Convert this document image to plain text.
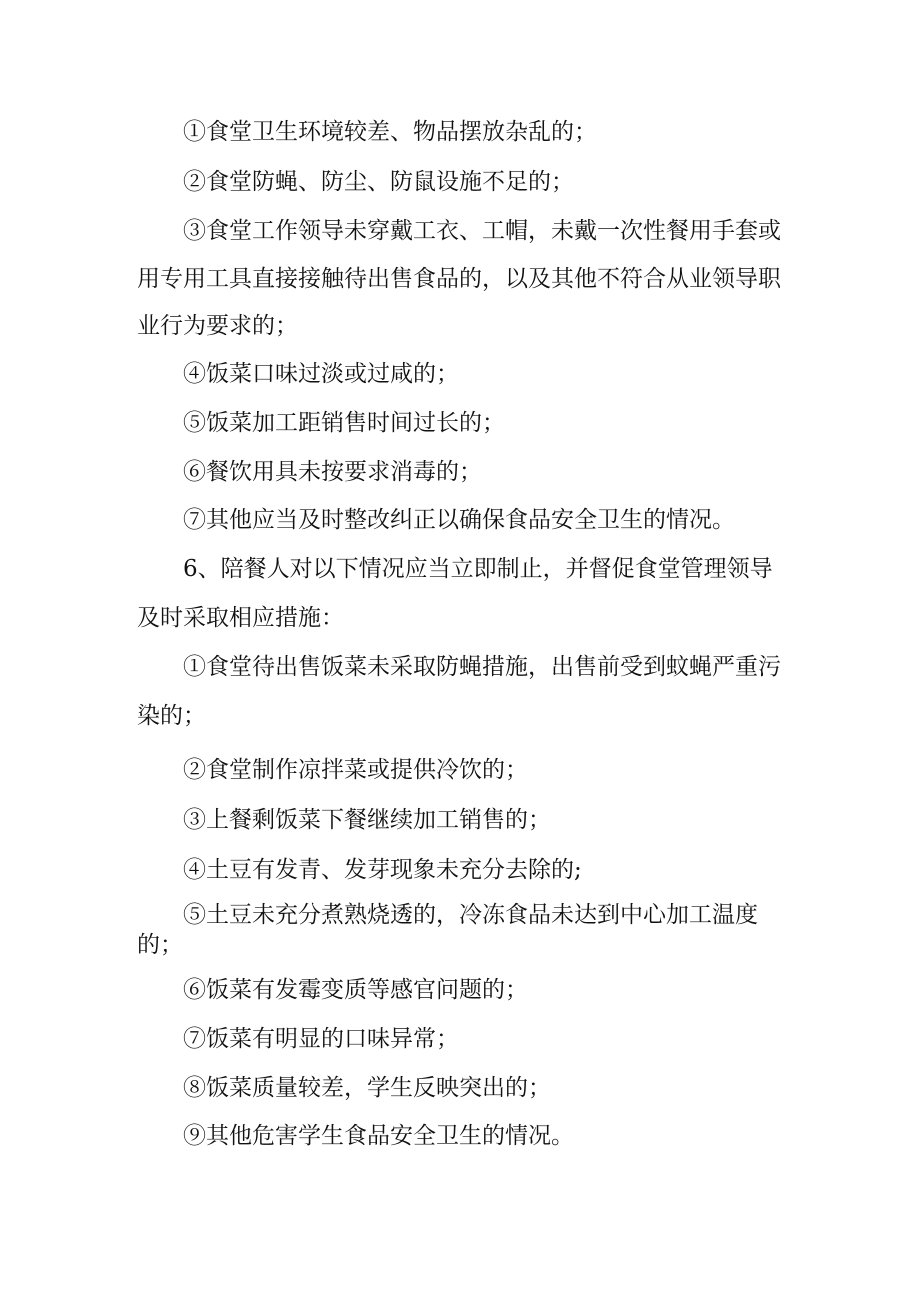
①食堂卫生环境较差、物品摆放杂乱的；

②食堂防蝇、防尘、防鼠设施不足的；

③食堂工作领导未穿戴工衣、工帽，未戴一次性餐用手套或

用专用工具直接接触待出售食品的，以及其他不符合从业领导职

业行为要求的；

④饭菜口味过淡或过咸的；

⑤饭菜加工距销售时间过长的；

⑥餐饮用具未按要求消毒的；

⑦其他应当及时整改纠正以确保食品安全卫生的情况。

6、陪餐人对以下情况应当立即制止，并督促食堂管理领导

及时采取相应措施：

①食堂待出售饭菜未采取防蝇措施，出售前受到蚊蝇严重污

染的；

②食堂制作凉拌菜或提供冷饮的；

③上餐剩饭菜下餐继续加工销售的；

④土豆有发青、发芽现象未充分去除的;

⑤土豆未充分煮熟烧透的，冷冻食品未达到中心加工温度

的；

⑥饭菜有发霉变质等感官问题的；

⑦饭菜有明显的口味异常；

⑧饭菜质量较差，学生反映突出的；

⑨其他危害学生食品安全卫生的情况。
